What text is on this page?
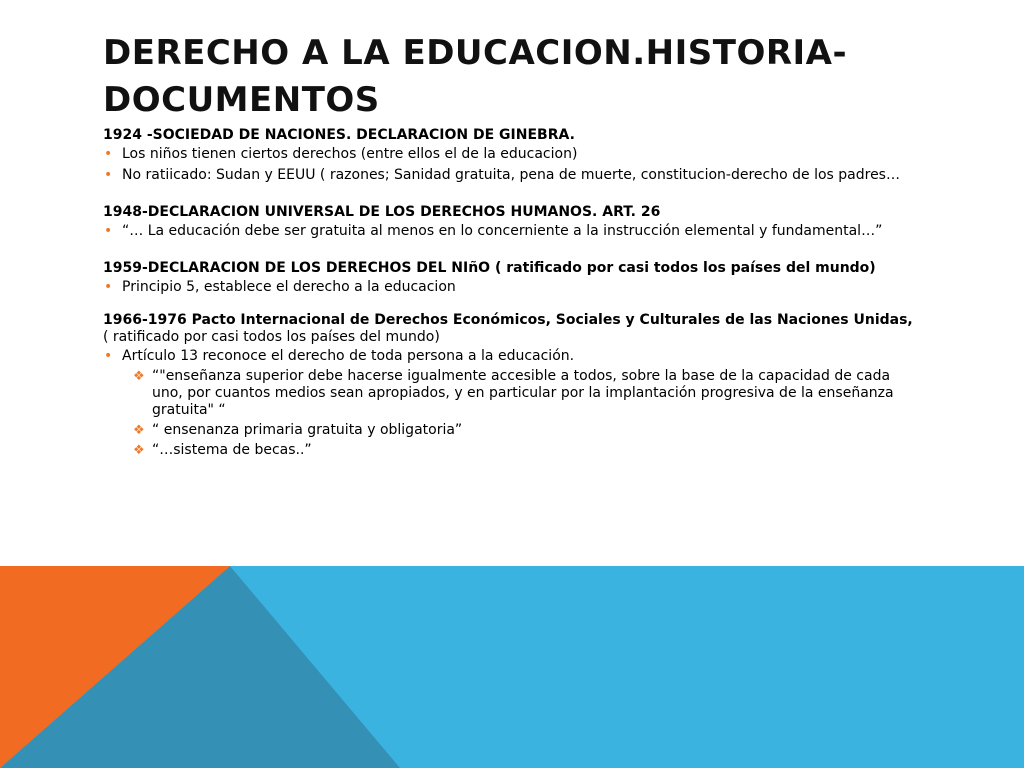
DERECHO A LA EDUCACION.HISTORIA-
DOCUMENTOS

1924 -SOCIEDAD DE NACIONES. DECLARACION DE GINEBRA.

• Los niños tienen ciertos derechos (entre ellos el de la educacion)
• No ratiicado: Sudan y EEUU ( razones; Sanidad gratuita, pena de muerte, constitucion-derecho de los padres…

1948-DECLARACION UNIVERSAL DE LOS DERECHOS HUMANOS. ART. 26

• “… La educación debe ser gratuita al menos en lo concerniente a la instrucción elemental y fundamental…”

1959-DECLARACION DE LOS DERECHOS DEL NIñO ( ratificado por casi todos los países del mundo)

• Principio 5, establece el derecho a la educacion

1966-1976 Pacto Internacional de Derechos Económicos, Sociales y Culturales de las Naciones Unidas,( ratificado por casi todos los países del mundo)

• Artículo 13 reconoce el derecho de toda persona a la educación.
❖ “"enseñanza superior debe hacerse igualmente accesible a todos, sobre la base de la capacidad de cada uno, por cuantos medios sean apropiados, y en particular por la implantación progresiva de la enseñanza gratuita" “
❖ “ ensenanza primaria gratuita y obligatoria”
❖ “…sistema de becas..”
